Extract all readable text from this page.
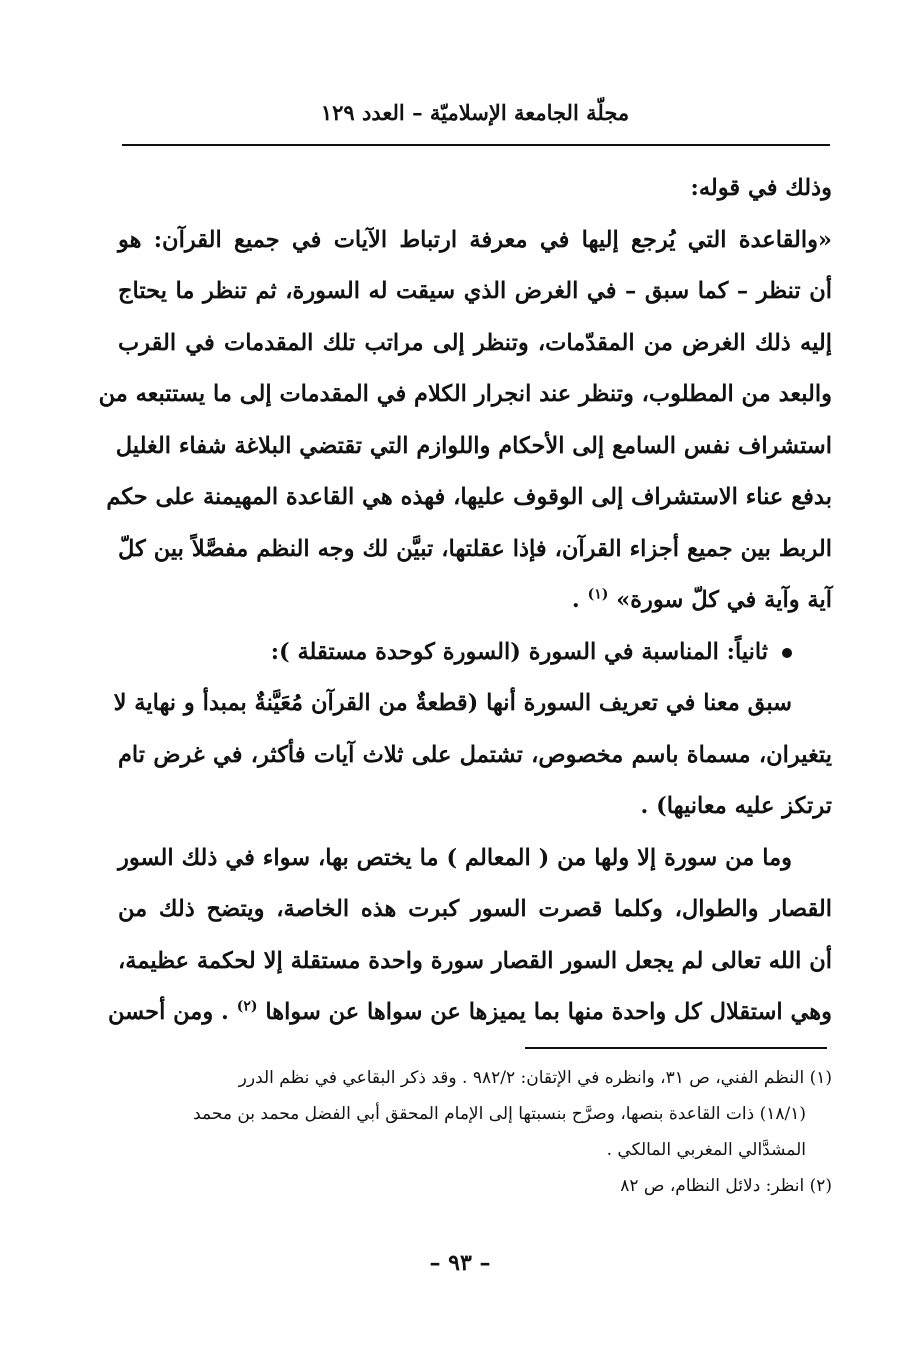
مجلّة الجامعة الإسلاميّة – العدد ١٢٩
وذلك في قوله:
«والقاعدة التي يُرجع إليها في معرفة ارتباط الآيات في جميع القرآن: هو
أن تنظر – كما سبق – في الغرض الذي سيقت له السورة، ثم تنظر ما يحتاج
إليه ذلك الغرض من المقدّمات، وتنظر إلى مراتب تلك المقدمات في القرب
والبعد من المطلوب، وتنظر عند انجرار الكلام في المقدمات إلى ما يستتبعه من
استشراف نفس السامع إلى الأحكام واللوازم التي تقتضي البلاغة شفاء الغليل
بدفع عناء الاستشراف إلى الوقوف عليها، فهذه هي القاعدة المهيمنة على حكم
الربط بين جميع أجزاء القرآن، فإذا عقلتها، تبيَّن لك وجه النظم مفصَّلاً بين كلّ
آية وآية في كلّ سورة» $^{(١)}$ .
ثانياً: المناسبة في السورة (السورة كوحدة مستقلة ):
سبق معنا في تعريف السورة أنها (قطعةٌ من القرآن مُعَيَّنةٌ بمبدأ و نهاية لا
يتغيران، مسماة باسم مخصوص، تشتمل على ثلاث آيات فأكثر، في غرض تام
ترتكز عليه معانيها) .
وما من سورة إلا ولها من ( المعالم ) ما يختص بها، سواء في ذلك السور
القصار والطوال، وكلما قصرت السور كبرت هذه الخاصة، ويتضح ذلك من
أن الله تعالى لم يجعل السور القصار سورة واحدة مستقلة إلا لحكمة عظيمة،
وهي استقلال كل واحدة منها بما يميزها عن سواها عن سواها $^{(٢)}$ . ومن أحسن
(١) النظم الفني، ص ٣١، وانظره في الإتقان: ٩٨٢/٢ . وقد ذكر البقاعي في نظم الدرر
(١٨/١) ذات القاعدة بنصها، وصرَّح بنسبتها إلى الإمام المحقق أبي الفضل محمد بن محمد
المشدَّالي المغربي المالكي .
(٢) انظر: دلائل النظام، ص ٨٢
– ٩٣ –
